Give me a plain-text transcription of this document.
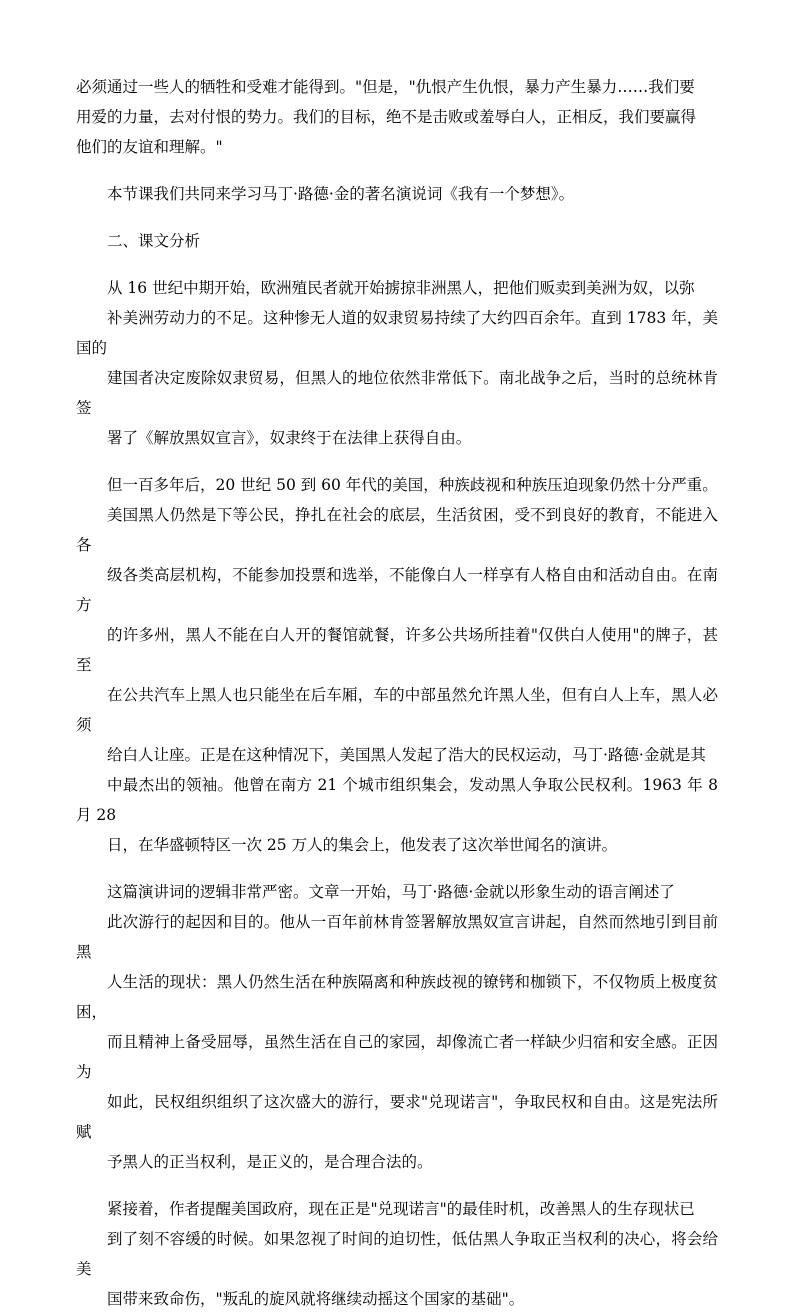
必须通过一些人的牺牲和受难才能得到。"但是，"仇恨产生仇恨，暴力产生暴力……我们要
用爱的力量，去对付恨的势力。我们的目标，绝不是击败或羞辱白人，正相反，我们要赢得
他们的友谊和理解。"

本节课我们共同来学习马丁·路德·金的著名演说词《我有一个梦想》。

二、课文分析

从 16 世纪中期开始，欧洲殖民者就开始掳掠非洲黑人，把他们贩卖到美洲为奴，以弥
补美洲劳动力的不足。这种惨无人道的奴隶贸易持续了大约四百余年。直到 1783 年，美国的
建国者决定废除奴隶贸易，但黑人的地位依然非常低下。南北战争之后，当时的总统林肯签
署了《解放黑奴宣言》，奴隶终于在法律上获得自由。

但一百多年后，20 世纪 50 到 60 年代的美国，种族歧视和种族压迫现象仍然十分严重。
美国黑人仍然是下等公民，挣扎在社会的底层，生活贫困，受不到良好的教育，不能进入各
级各类高层机构，不能参加投票和选举，不能像白人一样享有人格自由和活动自由。在南方
的许多州，黑人不能在白人开的餐馆就餐，许多公共场所挂着"仅供白人使用"的牌子，甚至
在公共汽车上黑人也只能坐在后车厢，车的中部虽然允许黑人坐，但有白人上车，黑人必须
给白人让座。正是在这种情况下，美国黑人发起了浩大的民权运动，马丁·路德·金就是其
中最杰出的领袖。他曾在南方 21 个城市组织集会，发动黑人争取公民权利。1963 年 8 月 28
日，在华盛顿特区一次 25 万人的集会上，他发表了这次举世闻名的演讲。

这篇演讲词的逻辑非常严密。文章一开始，马丁·路德·金就以形象生动的语言阐述了
此次游行的起因和目的。他从一百年前林肯签署解放黑奴宣言讲起，自然而然地引到目前黑
人生活的现状：黑人仍然生活在种族隔离和种族歧视的镣铐和枷锁下，不仅物质上极度贫困，
而且精神上备受屈辱，虽然生活在自己的家园，却像流亡者一样缺少归宿和安全感。正因为
如此，民权组织组织了这次盛大的游行，要求"兑现诺言"，争取民权和自由。这是宪法所赋
予黑人的正当权利，是正义的，是合理合法的。

紧接着，作者提醒美国政府，现在正是"兑现诺言"的最佳时机，改善黑人的生存现状已
到了刻不容缓的时候。如果忽视了时间的迫切性，低估黑人争取正当权利的决心，将会给美
国带来致命伤，"叛乱的旋风就将继续动摇这个国家的基础"。
